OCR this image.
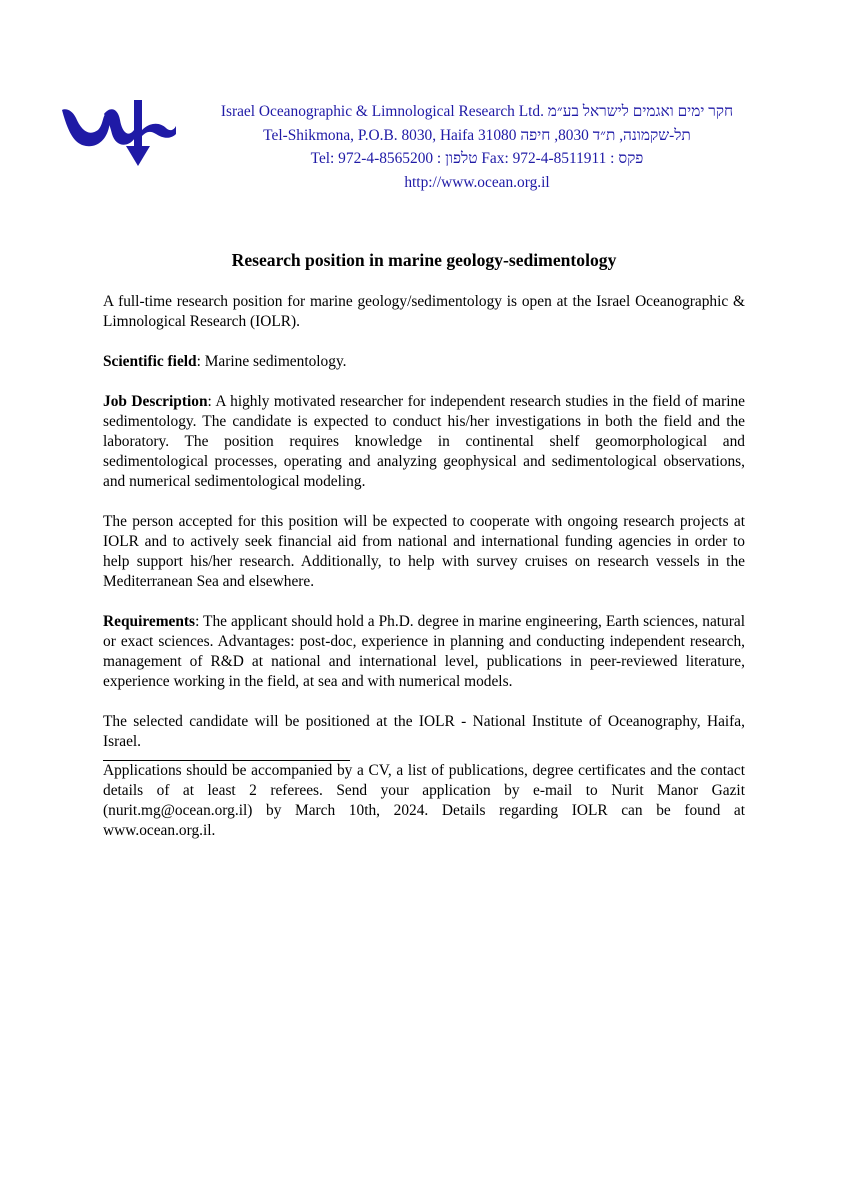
Israel Oceanographic & Limnological Research Ltd. חקר ימים ואגמים לישראל בע״מ
Tel-Shikmona, P.O.B. 8030, Haifa 31080 תל-שקמונה, ת״ד 8030, חיפה
Tel: 972-4-8565200 : טלפון Fax: 972-4-8511911 : פקס
http://www.ocean.org.il
Research position in marine geology-sedimentology

A full-time research position for marine geology/sedimentology is open at the Israel Oceanographic & Limnological Research (IOLR).

Scientific field: Marine sedimentology.

Job Description: A highly motivated researcher for independent research studies in the field of marine sedimentology. The candidate is expected to conduct his/her investigations in both the field and the laboratory. The position requires knowledge in continental shelf geomorphological and sedimentological processes, operating and analyzing geophysical and sedimentological observations, and numerical sedimentological modeling.

The person accepted for this position will be expected to cooperate with ongoing research projects at IOLR and to actively seek financial aid from national and international funding agencies in order to help support his/her research. Additionally, to help with survey cruises on research vessels in the Mediterranean Sea and elsewhere.

Requirements: The applicant should hold a Ph.D. degree in marine engineering, Earth sciences, natural or exact sciences. Advantages: post-doc, experience in planning and conducting independent research, management of R&D at national and international level, publications in peer-reviewed literature, experience working in the field, at sea and with numerical models.

The selected candidate will be positioned at the IOLR - National Institute of Oceanography, Haifa, Israel.

Applications should be accompanied by a CV, a list of publications, degree certificates and the contact details of at least 2 referees. Send your application by e-mail to Nurit Manor Gazit (nurit.mg@ocean.org.il) by March 10th, 2024. Details regarding IOLR can be found at www.ocean.org.il.
